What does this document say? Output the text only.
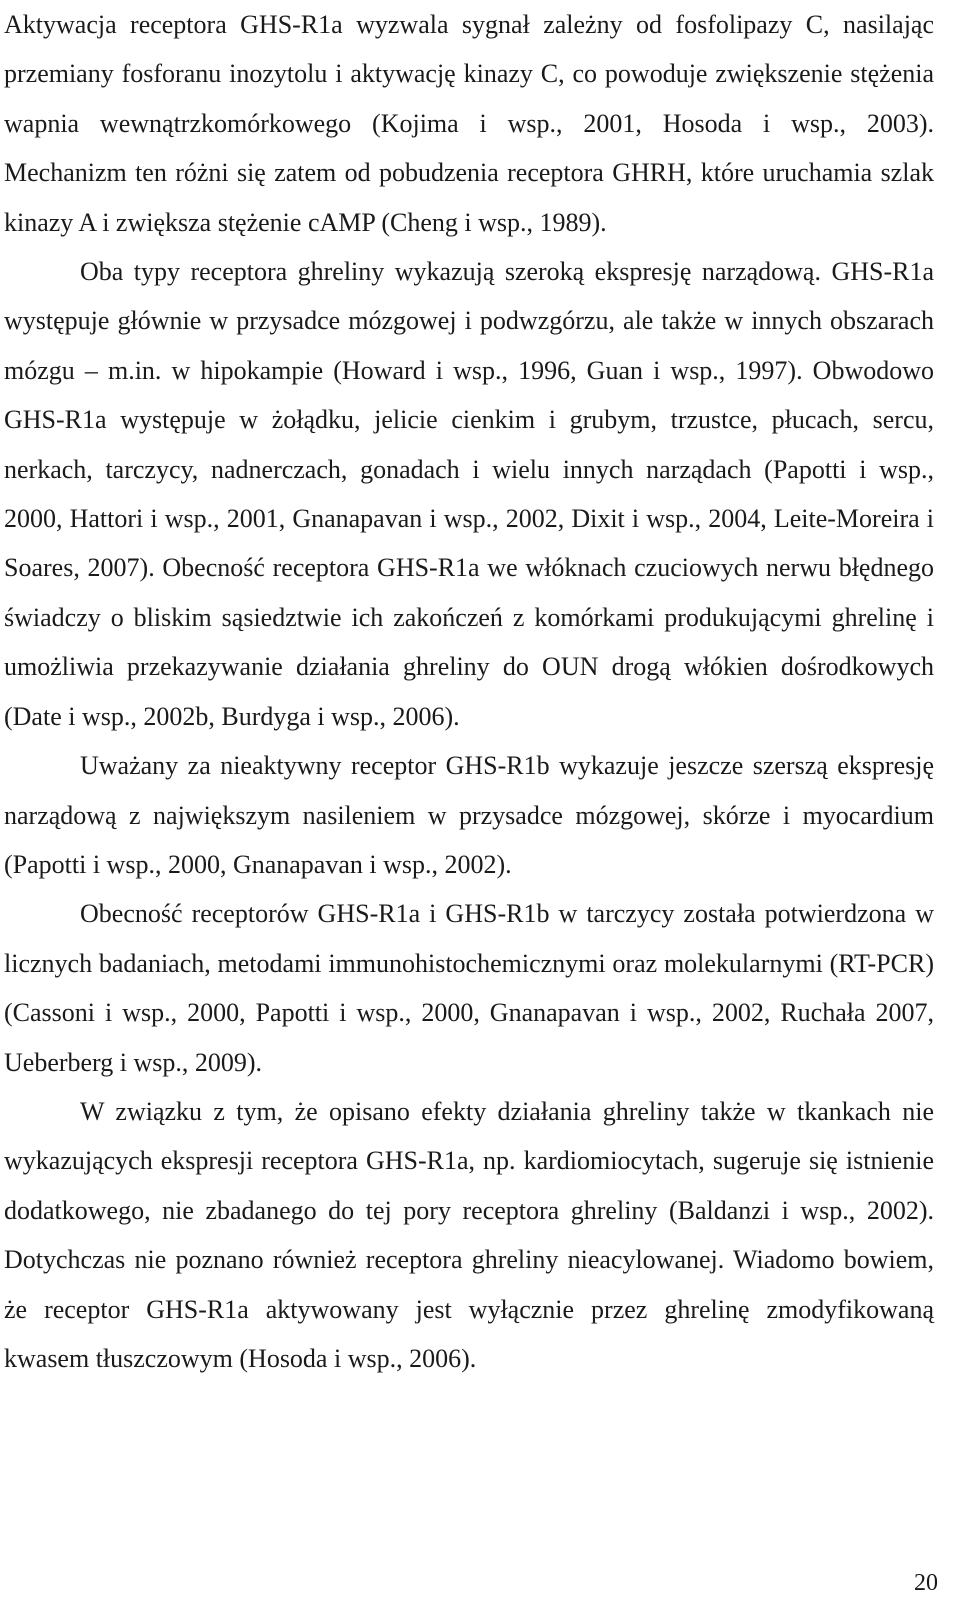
Aktywacja receptora GHS-R1a wyzwala sygnał zależny od fosfolipazy C, nasilając przemiany fosforanu inozytolu i aktywację kinazy C, co powoduje zwiększenie stężenia wapnia wewnątrzkomórkowego (Kojima i wsp., 2001, Hosoda i wsp., 2003). Mechanizm ten różni się zatem od pobudzenia receptora GHRH, które uruchamia szlak kinazy A i zwiększa stężenie cAMP (Cheng i wsp., 1989).

Oba typy receptora ghreliny wykazują szeroką ekspresję narządową. GHS-R1a występuje głównie w przysadce mózgowej i podwzgórzu, ale także w innych obszarach mózgu – m.in. w hipokampie (Howard i wsp., 1996, Guan i wsp., 1997). Obwodowo GHS-R1a występuje w żołądku, jelicie cienkim i grubym, trzustce, płucach, sercu, nerkach, tarczycy, nadnerczach, gonadach i wielu innych narządach (Papotti i wsp., 2000, Hattori i wsp., 2001, Gnanapavan i wsp., 2002, Dixit i wsp., 2004, Leite-Moreira i Soares, 2007). Obecność receptora GHS-R1a we włóknach czuciowych nerwu błędnego świadczy o bliskim sąsiedztwie ich zakończeń z komórkami produkującymi ghrelinę i umożliwia przekazywanie działania ghreliny do OUN drogą włókien dośrodkowych (Date i wsp., 2002b, Burdyga i wsp., 2006).

Uważany za nieaktywny receptor GHS-R1b wykazuje jeszcze szerszą ekspresję narządową z największym nasileniem w przysadce mózgowej, skórze i myocardium (Papotti i wsp., 2000, Gnanapavan i wsp., 2002).

Obecność receptorów GHS-R1a i GHS-R1b w tarczycy została potwierdzona w licznych badaniach, metodami immunohistochemicznymi oraz molekularnymi (RT-PCR) (Cassoni i wsp., 2000, Papotti i wsp., 2000, Gnanapavan i wsp., 2002, Ruchała 2007, Ueberberg i wsp., 2009).

W związku z tym, że opisano efekty działania ghreliny także w tkankach nie wykazujących ekspresji receptora GHS-R1a, np. kardiomiocytach, sugeruje się istnienie dodatkowego, nie zbadanego do tej pory receptora ghreliny (Baldanzi i wsp., 2002). Dotychczas nie poznano również receptora ghreliny nieacylowanej. Wiadomo bowiem, że receptor GHS-R1a aktywowany jest wyłącznie przez ghrelinę zmodyfikowaną kwasem tłuszczowym (Hosoda i wsp., 2006).

20
